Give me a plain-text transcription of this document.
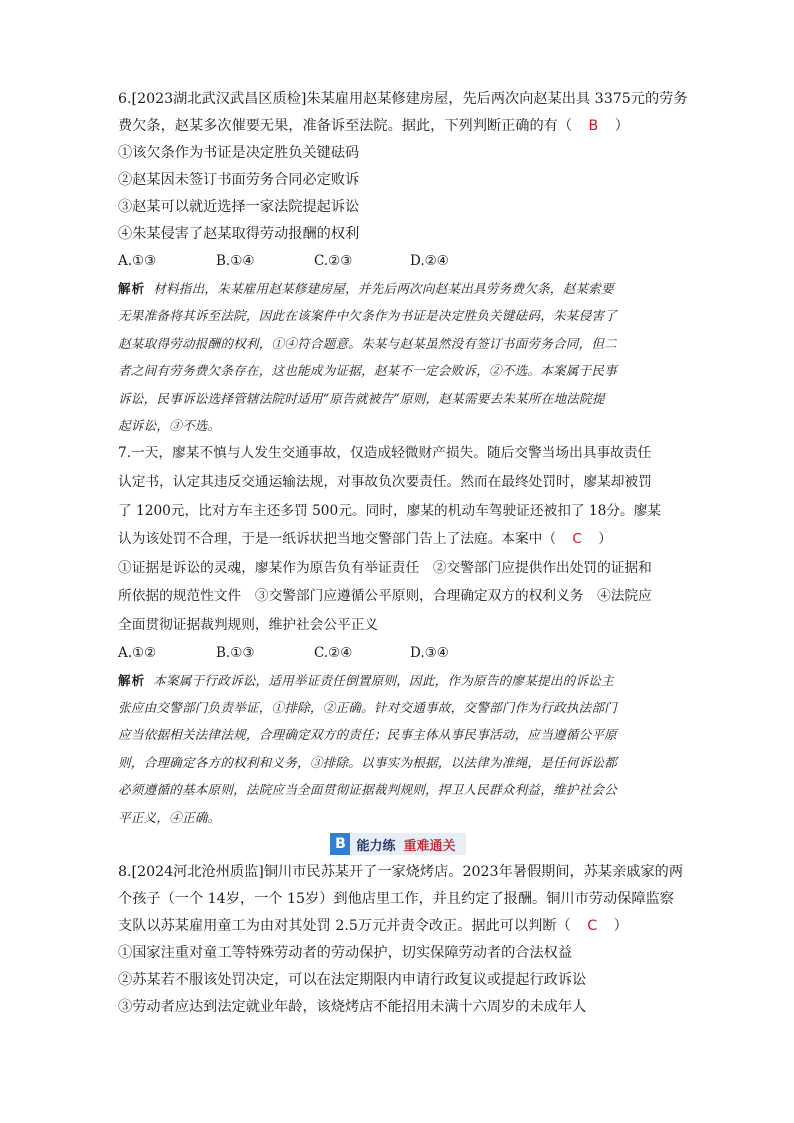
6.[2023湖北武汉武昌区质检]朱某雇用赵某修建房屋，先后两次向赵某出具 3375元的劳务
费欠条，赵某多次催要无果，准备诉至法院。据此，下列判断正确的有（ B ）
①该欠条作为书证是决定胜负关键砝码
②赵某因未签订书面劳务合同必定败诉
③赵某可以就近选择一家法院提起诉讼
④朱某侵害了赵某取得劳动报酬的权利
A.①③	B.①④	C.②③	D.②④
解析 材料指出，朱某雇用赵某修建房屋，并先后两次向赵某出具劳务费欠条，赵某索要
无果准备将其诉至法院，因此在该案件中欠条作为书证是决定胜负关键砝码，朱某侵害了
赵某取得劳动报酬的权利，①④符合题意。朱某与赵某虽然没有签订书面劳务合同，但二
者之间有劳务费欠条存在，这也能成为证据，赵某不一定会败诉，②不选。本案属于民事
诉讼，民事诉讼选择管辖法院时适用“原告就被告”原则，赵某需要去朱某所在地法院提
起诉讼，③不选。
7.一天，廖某不慎与人发生交通事故，仅造成轻微财产损失。随后交警当场出具事故责任
认定书，认定其违反交通运输法规，对事故负次要责任。然而在最终处罚时，廖某却被罚
了 1200元，比对方车主还多罚 500元。同时，廖某的机动车驾驶证还被扣了 18分。廖某
认为该处罚不合理，于是一纸诉状把当地交警部门告上了法庭。本案中（ C ）
①证据是诉讼的灵魂，廖某作为原告负有举证责任　②交警部门应提供作出处罚的证据和
所依据的规范性文件　③交警部门应遵循公平原则，合理确定双方的权利义务　④法院应
全面贯彻证据裁判规则，维护社会公平正义
A.①②	B.①③	C.②④	D.③④
解析 本案属于行政诉讼，适用举证责任倒置原则，因此，作为原告的廖某提出的诉讼主
张应由交警部门负责举证，①排除，②正确。针对交通事故，交警部门作为行政执法部门
应当依据相关法律法规，合理确定双方的责任；民事主体从事民事活动，应当遵循公平原
则，合理确定各方的权利和义务，③排除。以事实为根据，以法律为准绳，是任何诉讼都
必须遵循的基本原则，法院应当全面贯彻证据裁判规则，捍卫人民群众利益，维护社会公
平正义，④正确。
B 能力练 重难通关
8.[2024河北沧州质监]铜川市民苏某开了一家烧烤店。2023年暑假期间，苏某亲戚家的两
个孩子（一个 14岁，一个 15岁）到他店里工作，并且约定了报酬。铜川市劳动保障监察
支队以苏某雇用童工为由对其处罚 2.5万元并责令改正。据此可以判断（ C ）
①国家注重对童工等特殊劳动者的劳动保护，切实保障劳动者的合法权益
②苏某若不服该处罚决定，可以在法定期限内申请行政复议或提起行政诉讼
③劳动者应达到法定就业年龄，该烧烤店不能招用未满十六周岁的未成年人
